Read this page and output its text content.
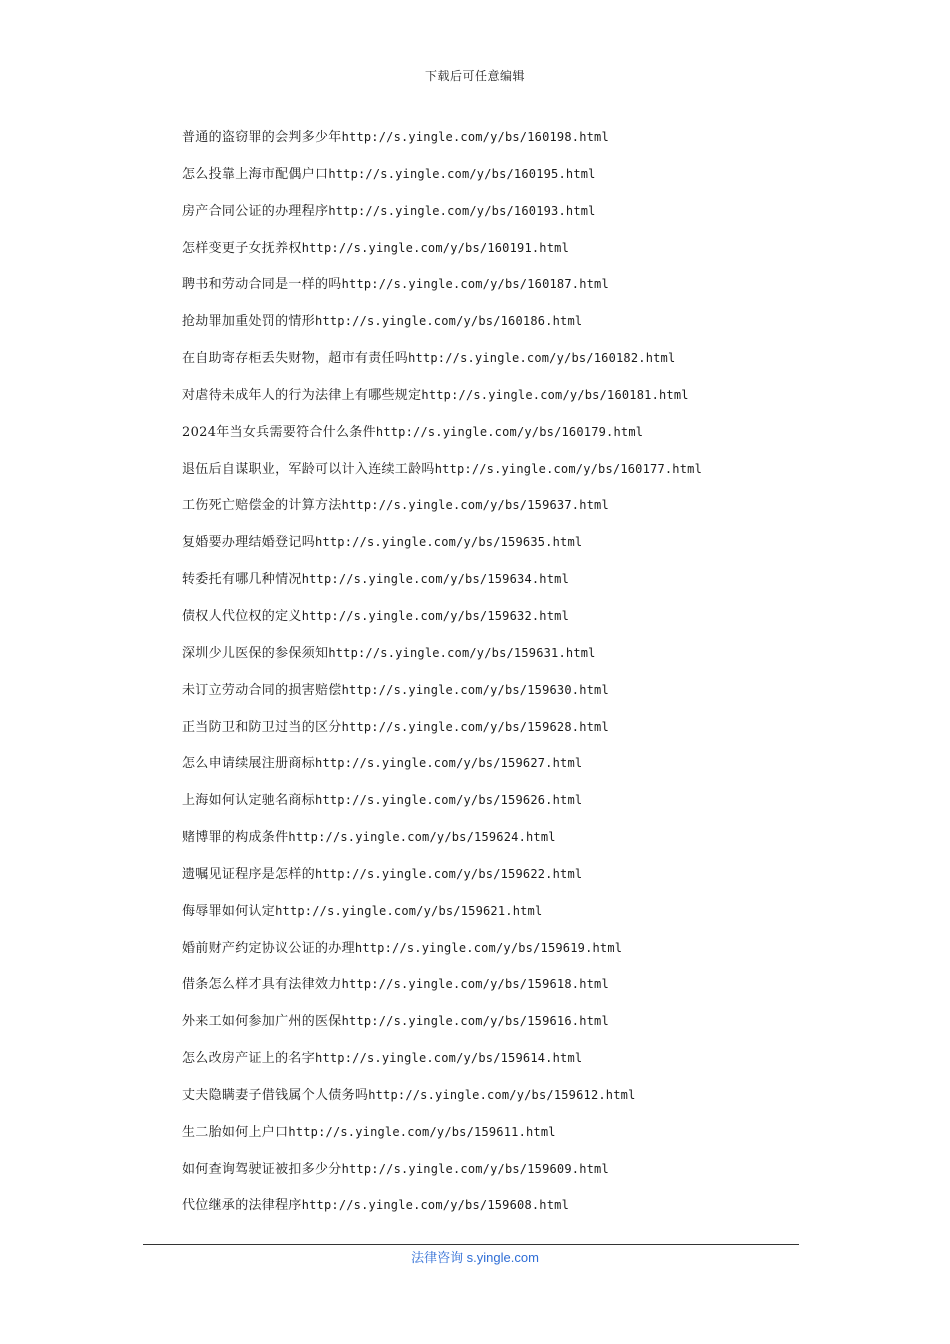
下载后可任意编辑
普通的盗窃罪的会判多少年http://s.yingle.com/y/bs/160198.html
怎么投靠上海市配偶户口http://s.yingle.com/y/bs/160195.html
房产合同公证的办理程序http://s.yingle.com/y/bs/160193.html
怎样变更子女抚养权http://s.yingle.com/y/bs/160191.html
聘书和劳动合同是一样的吗http://s.yingle.com/y/bs/160187.html
抢劫罪加重处罚的情形http://s.yingle.com/y/bs/160186.html
在自助寄存柜丢失财物，超市有责任吗http://s.yingle.com/y/bs/160182.html
对虐待未成年人的行为法律上有哪些规定http://s.yingle.com/y/bs/160181.html
2024年当女兵需要符合什么条件http://s.yingle.com/y/bs/160179.html
退伍后自谋职业，军龄可以计入连续工龄吗http://s.yingle.com/y/bs/160177.html
工伤死亡赔偿金的计算方法http://s.yingle.com/y/bs/159637.html
复婚要办理结婚登记吗http://s.yingle.com/y/bs/159635.html
转委托有哪几种情况http://s.yingle.com/y/bs/159634.html
债权人代位权的定义http://s.yingle.com/y/bs/159632.html
深圳少儿医保的参保须知http://s.yingle.com/y/bs/159631.html
未订立劳动合同的损害赔偿http://s.yingle.com/y/bs/159630.html
正当防卫和防卫过当的区分http://s.yingle.com/y/bs/159628.html
怎么申请续展注册商标http://s.yingle.com/y/bs/159627.html
上海如何认定驰名商标http://s.yingle.com/y/bs/159626.html
赌博罪的构成条件http://s.yingle.com/y/bs/159624.html
遗嘱见证程序是怎样的http://s.yingle.com/y/bs/159622.html
侮辱罪如何认定http://s.yingle.com/y/bs/159621.html
婚前财产约定协议公证的办理http://s.yingle.com/y/bs/159619.html
借条怎么样才具有法律效力http://s.yingle.com/y/bs/159618.html
外来工如何参加广州的医保http://s.yingle.com/y/bs/159616.html
怎么改房产证上的名字http://s.yingle.com/y/bs/159614.html
丈夫隐瞒妻子借钱属个人债务吗http://s.yingle.com/y/bs/159612.html
生二胎如何上户口http://s.yingle.com/y/bs/159611.html
如何查询驾驶证被扣多少分http://s.yingle.com/y/bs/159609.html
代位继承的法律程序http://s.yingle.com/y/bs/159608.html
法律咨询 s.yingle.com
